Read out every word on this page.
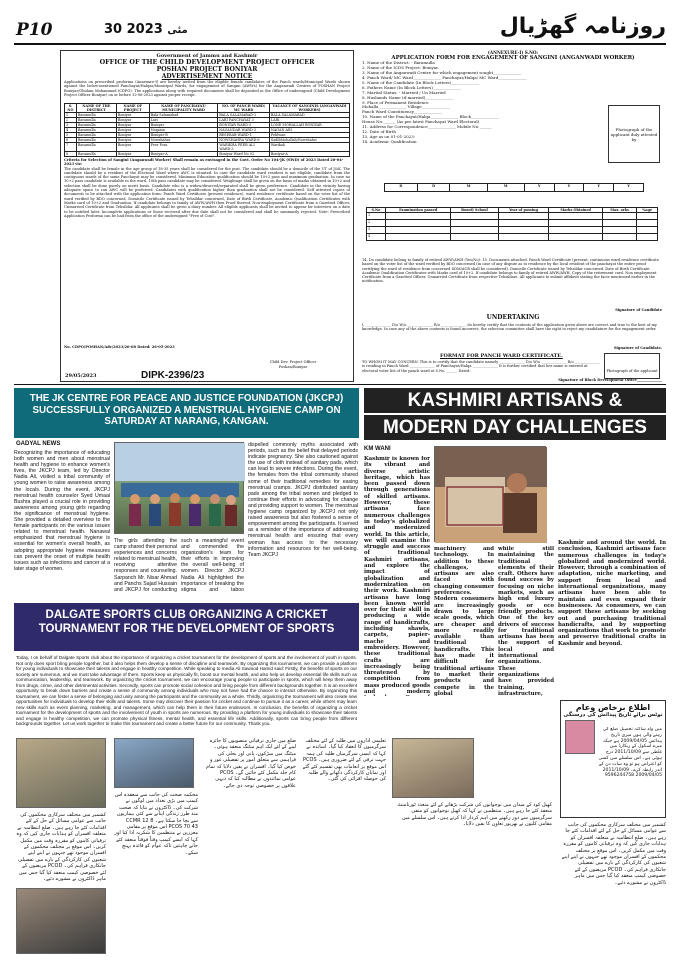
P10	30	مئی 2023	روزنامہ گھڑیال
Government of Jammu and Kashmir
OFFICE OF THE CHILD DEVELOPMENT PROJECT OFFICER
POSHAN PROJECT BONIYAR
ADVERTISEMENT NOTICE
Applications on prescribed proforma (Annexure-I) are hereby invited from the eligible female candidates of the Panch wards/Municipal Wards shown against the below-mentioned Panchayat/Halqas/Municipal Wards, for engagement of Sangini (AWWs) for the Anganwadi Centres of POSHAN Project Boniyar/Ghulam Mohammad (CDPO). The applications along with required documents shall be deposited in the Office of undersigned (Child Development Project Officer Boniyar) on or before 12-06-2023 against proper receipt.
S. NO	NAME OF THE DISTRICT	NAME OF PROJECT	NAME OF PANCHAYAT/ MUNICIPALITY WARD	NO. OF PANCH WARD/ MC WARD	VACANCY OF SANGINIS (ANGANWADI WORKERS)
1	Baramulla	Boniyar	Bala Salamabad	BALA SALAMABAD-2	BALA SALAMABAD
2	Baramulla	Boniyar	Lari	LARI PANCHAYAT 3	LARI
3	Baramulla	Boniyar	Boniyar	BONIYAR WARD-5	LONE MOHALLAH BONIYAR
4	Baramulla	Boniyar	Nagaian	NAGANDAR WARD-3	NAGAN ARI
5	Baramulla	Boniyar	Boniyar-B	BESERAB WARD-1	Pehlwan
6	Baramulla	Boniyar	Nowshahra	NOWSHAHRA WARD-6	SadibMohallah/Nowshahri
7	Baramulla	Boniyar	Peer Pora	WARIKHA PEER ALI WARD-3	Warikah
8	Baramulla	Boniyar	Boniyar-A	Boniyar Ward No 02	Boniyar-A
Criteria for Selection of Sangini (Anganwadi Worker) Shall remain as envisaged in the Govt. Order No 104-JK (SWD) of 2023 Dated 20-04-2023 viz:
The candidate shall be female in the age group of 18-35 years shall be considered for the post. The candidate should be a domicile of the UT of J&K. The candidate should be a resident of the Electoral Ward where AWC is situated. In case the candidate ward resident is not eligible, candidate from the contiguous wards of the same Panchayat may be considered. Minimum Education qualification should be 10+2 pass and maximum graduation. In case no 10+2 pass candidate is available in the ward, 10th pass candidate may be considered. Weightage shall be given on the basis of marks obtained in 10+2 and selection shall be done purely on merit basis. Candidate who is a widow/divorced/separated shall be given preference. Candidate in the vicinity having adequate space to run AWC will be preferred. Candidates with qualification higher than graduation shall not be considered. Self attested copies of documents to be attached with the application form: Panch Ward Certificate (present residence), ward residence certificate based on the voter list of the ward verified by BDO concerned, Domicile Certificate issued by Tehsildar concerned, Date of Birth Certificate, Academic Qualification Certificates with Marks card of 10+2 and Graduation, If candidate belongs to family of AWW/AWH then Proof thereof, Non-employment Certificate from a Gazetted Officer, Unmarried Certificate from Tehsildar. All applicants shall be given a diary number. All eligible applicants shall be invited to appear for interview on a date to be notified later. Incomplete applications or those received after due date shall not be considered and shall be summarily rejected. Note: Prescribed Application Proforma can be had from the office of the undersigned "Free of Cost".
No. CDPO/POSHAN/Adv/2023/26-68 Dated: 26-05-2023
Child Dev. Project Officer Poshan/Boniyar
29/05/2023	DIPK-2396/23
(ANNEXURE-I) S.NO:
APPLICATION FORM FOR ENGAGEMENT OF SANGINI (ANGANWADI WORKER)
1. Name of the District: - Baramulla
2. Name of the ICDS Project: Boniyar.
3. Name of the Anganwadi Centre for which engagement sought______________
4. Panch Ward/ MC Ward______________ Panchayat/Halqa/ MC Ward______________
5. Name of the Candidate (In Block Letters)______________
6. Fathers Name (In Block Letters)______________
7. Marital Status: - Married / Un Married
8. Husbands Name (if married)______________
9. Place of Permanent Residence
Mohalla______________ Village______________
Panch Ward Constituency______________
10. Name of the Panchayat/Halqa______________ Block______________
House No:______ (As per latest Panchayat Ward Electoral)
11. Address for Correspondence______________ Mobile No:______
12. Date of Birth
13. Age as on 01-01-2023:
14. Academic Qualification
Photograph of the applicant duly attested by
D	D	M	M	Y	Y	Y	Y
S.No	Examination passed	Board/ School	Year of passing	Marks Obtained	Max. arks	%age
1						
2						
3						
4						
14. Do candidate belong to family of retired AWW/AWH (Yes/No): 15. Documents attached. Panch Ward Certificate (present, continuous ward residence certificate based on the voter list of the ward verified by BDO concerned (in case of any dispute as to residence by the local resident of the panchayat the entire proof certifying the ward of residence from concerned SDM/ACR shall be considered). Domicile Certificate issued by Tehsildar concerned. Date of Birth Certificate. Academic Qualification Certificates with Marks card of 10+2. If candidate belongs to family of retired AWW/AWH, Copy of the retirement card. Non employment Certificate from a Gazetted Officer. Unmarried Certificate from respective Tehsildars. All applicants to submit affidavit stating the facts mentioned earlier in the notification.
Signature of Candidate
UNDERTAKING
I, ______________ D/o W/o ______________ R/o ______________ do hereby certify that the contents of the application given above are correct and true to the best of my knowledge. In case any of the above contents is found incorrect, the selection committee shall have the right to reject my candidature for the engagement order.
Signature of Candidate.
FORMAT FOR PANCH WARD CERTIFICATE.
TO WHOM IT MAY CONCERN. This is to certify that the candidate namely ______________ D/o W/o ______________ R/o ______________ is residing in Panch Ward ______________ of Panchayat/Halqa ______________ It is further certified that her name is entered at electoral voter list of the panch ward at S.No. ______ Dated:	Photograph of the applicant
Signature of Block Development Office______________
THE JK CENTRE FOR PEACE AND JUSTICE FOUNDATION (JKCPJ) SUCCESSFULLY ORGANIZED A MENSTRUAL HYGIENE CAMP ON SATURDAY AT NARANG, KANGAN.
GADYAL NEWS
Recognizing the importance of educating both women and men about menstrual health and hygiene to enhance women's lives, the JKCPJ team, led by Director Nadia Ali, visited a tribal community of young women to raise awareness among the locals. During the event, JKCPJ menstrual health counselor Syed Umaal Bushra played a crucial role in providing awareness among young girls regarding the significance of menstrual hygiene. She provided a detailed overview to the female participants on the various issues related to menstrual health. Nanawal emphasized that menstrual hygiene is essential for women's overall health, as adopting appropriate hygiene measures can prevent the onset of multiple health issues such as infections and cancer at a later stage of women.
The girls attending the camp shared their personal experiences and concerns related to menstrual health, receiving attentive responses and counseling. Sarpanch Mr. Nisar Ahmad and Panchs Sajad Hussain and JKCPJ for conducting such a meaningful event and commended the organization's team for their efforts in improving the overall well-being of women. Director JKCPJ Nadia Ali highlighted the importance of breaking the stigma and taboo
dispelled commonly myths associated with periods, such as the belief that delayed periods indicate pregnancy. She also cautioned against the use of cloth instead of sanitary pads, which can lead to severe infections. During the event, the females from the tribal community shared some of their traditional remedies for easing menstrual cramps. JKCPJ distributed sanitary pads among the tribal women and pledged to continue their efforts in advocating for change and providing support to women. The menstrual hygiene camp organized by JKCPJ not only raised awareness but also fostered a sense of empowerment among the participants. It served as a reminder of the importance of addressing menstrual health and ensuring that every woman has access to the necessary information and resources for her well-being. Team JKCPJ
DALGATE SPORTS CLUB ORGANIZING A CRICKET TOURNAMENT FOR THE DEVELOPMENT OF SPORTS
Today, I on behalf of Dalgate Sports club about the importance of organizing a cricket tournament for the development of sports and the involvement of youth in sports. Not only does sport bring people together, but it also helps them develop a sense of discipline and teamwork. By organizing this tournament, we can provide a platform for young individuals to showcase their talents and engage in healthy competition. While speaking to media Ali Sawood Hamid said: Firstly, the benefits of sports on our society are numerous, and we must take advantage of them. Sports keep us physically fit, boost our mental health, and also help us develop essential life skills such as communication, leadership, and teamwork. By organizing the cricket tournament, we can encourage young people to participate in sports, which will keep them away from drugs, crime, and other detrimental activities. Secondly, sports can promote social cohesion and bring people from different backgrounds together. It is an excellent opportunity to break down barriers and create a sense of community among individuals who may not have had the chance to interact otherwise. By organizing this tournament, we can foster a sense of belonging and unity among the participants and the community as a whole. Thirdly, organizing the tournament will also create new opportunities for individuals to develop their skills and talents. Some may discover their passion for cricket and continue to pursue it as a career, while others may learn new skills such as event planning, marketing, and management, which can help them in their future endeavors. In conclusion, the benefits of organizing a cricket tournament for the development of sports and the involvement of youth in sports are numerous. By providing a platform for young individuals to showcase their talents and engage in healthy competition, we can promote physical fitness, mental health, and essential life skills. Additionally, sports can bring people from different backgrounds together. Let us work together to make this tournament and create a better future for our community. Thank you.
KASHMIRI ARTISANS &
MODERN DAY CHALLENGES
KM WANI
Kashmir is known for its vibrant and diverse artistic heritage, which has been passed down through generations of skilled artisans. However, these artisans face numerous challenges in today's globalized and modernized world. In this article, we will examine the struggle and success of traditional Kashmiri artisans, and explore the impact of globalization and modernization on their work. Kashmiri artisans have long been known world over for their skill in producing a wide range of handicrafts, including shawls, carpets, papier-mache and embroidery. However, these traditional crafts are increasingly being threatened by competition from mass produced goods and modern
machinery and technology. In addition to these challenges, artisans are also faced with changing consumer preferences. Modern consumers are increasingly drawn to large scale goods, which are cheaper and more readily available than traditional handicrafts. This has made it difficult for traditional artisans to market their products and compete in the global
while still maintaining the traditional elements of their craft. Others have found success by focusing on niche markets, such as high end luxury goods or eco friendly products. One of the key drivers of success for traditional artisans has been the support of local and international organizations. These organizations have provided training, infrastructure,
Kashmir and around the world. In conclusion, Kashmiri artisans face numerous challenges in today's globalized and modernized world. However, through a combination of adaptation, niche marketing, and support from local and international organizations, many artisans have been able to maintain and even expand their businesses. As consumers, we can support these artisans by seeking out and purchasing traditional handicrafts, and by supporting organizations that work to promote and preserve traditional crafts in Kashmir and beyond.
اطلاع برخاص وعام
نوٹس برائے تاریخ پیدائش کی درستگی
میں ولد ساکنہ تحصیل ضلع کی رہنے والی ہوں میری تاریخ پیدائش 2009/04/05 ہے جبکہ میرے اسکول کے ریکارڈ میں غلطی سے 2011/10/09 درج ہوئی ہے۔ اس سلسلے میں کسی کو اعتراض ہو تو وہ سات دن کے اندر رابطہ کرے۔ 2011/10/09 2009/04/05 9596244758
کشمیر میں مختلف سرکاری محکموں کی جانب سے عوامی مسائل کے حل کے لئے اقدامات کئے جا رہے ہیں۔ ضلع انتظامیہ نے متعلقہ افسران کو ہدایات جاری کیں کہ وہ ترقیاتی کاموں کو مقررہ وقت میں مکمل کریں۔ اس موقع پر مختلف محکموں کے افسران موجود تھے جنہوں نے اپنے اپنے شعبوں کی کارکردگی کے بارے میں تفصیلی جانکاری فراہم کی۔ PCOD مریضوں کے لئے خصوصی کیمپ منعقد کیا گیا جس میں ماہر ڈاکٹروں نے مشورے دئیے۔
محکمہ صحت کی جانب سے منعقدہ اس کیمپ میں بڑی تعداد میں لوگوں نے شرکت کی۔ ڈاکٹروں نے بتایا کہ صحت مند طرز زندگی اپنانے سے کئی بیماریوں سے بچا جا سکتا ہے۔ CCMR 12 8 PCOS 70 43 اس موقع پر مقامی معززین نے منتظمین کا شکریہ ادا کیا اور کہا کہ ایسے کیمپ وقتاً فوقتاً منعقد کئے جانے چاہئیں تاکہ عوام کو فائدہ پہنچ سکے۔
ضلع میں جاری ترقیاتی منصوبوں کا جائزہ لینے کے لئے ایک اہم میٹنگ منعقد ہوئی۔ میٹنگ میں سڑکوں، پانی اور بجلی کی فراہمی سے متعلق امور پر تفصیلی غور و خوض کیا گیا۔ افسران نے یقین دلایا کہ تمام کام جلد مکمل کئے جائیں گے۔ PCOS عوامی نمائندوں نے مطالبہ کیا کہ دیہی علاقوں پر خصوصی توجہ دی جائے۔
تعلیمی اداروں میں طلبہ کے لئے مختلف سرگرمیوں کا انعقاد کیا گیا۔ اساتذہ نے کہا کہ ایسی سرگرمیاں طلبہ کی ہمہ جہت ترقی کے لئے ضروری ہیں۔ PCOS اس موقع پر انعامات بھی تقسیم کئے گئے اور نمایاں کارکردگی دکھانے والے طلبہ کی حوصلہ افزائی کی گئی۔
کھیل کود کے میدان میں نوجوانوں کی شرکت بڑھانے کے لئے متعدد ٹورنامنٹ منعقد کئے جا رہے ہیں۔ منتظمین نے کہا کہ کھیل نوجوانوں کو منفی سرگرمیوں سے دور رکھنے میں اہم کردار ادا کرتے ہیں۔ اس سلسلے میں مقامی کلبوں نے بھرپور تعاون کا یقین دلایا۔	کشمیر میں مختلف سرکاری محکموں کی جانب سے عوامی مسائل کے حل کے لئے اقدامات کئے جا رہے ہیں۔ ضلع انتظامیہ نے متعلقہ افسران کو ہدایات جاری کیں کہ وہ ترقیاتی کاموں کو مقررہ وقت میں مکمل کریں۔ اس موقع پر مختلف محکموں کے افسران موجود تھے جنہوں نے اپنے اپنے شعبوں کی کارکردگی کے بارے میں تفصیلی جانکاری فراہم کی۔ PCOD مریضوں کے لئے خصوصی کیمپ منعقد کیا گیا جس میں ماہر ڈاکٹروں نے مشورے دئیے۔
